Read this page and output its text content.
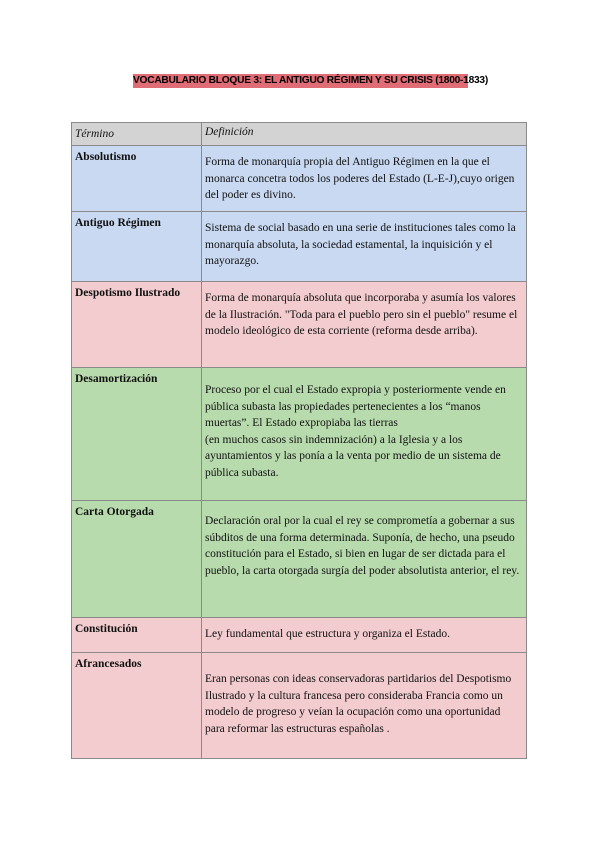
VOCABULARIO BLOQUE 3: EL ANTIGUO RÉGIMEN Y SU CRISIS (1800-1833)
Término	Definición
Absolutismo	Forma de monarquía propia del Antiguo Régimen en la que el monarca concetra todos los poderes del Estado (L-E-J),cuyo origen del poder es divino.

Antiguo Régimen	Sistema de social basado en una serie de instituciones tales como la monarquía absoluta, la sociedad estamental, la inquisición y el mayorazgo.

Despotismo Ilustrado	Forma de monarquía absoluta que incorporaba y asumía los valores de la Ilustración. "Toda para el pueblo pero sin el pueblo" resume el modelo ideológico de esta corriente (reforma desde arriba).

Desamortización	Proceso por el cual el Estado expropia y posteriormente vende en pública subasta las propiedades pertenecientes a los “manos muertas”. El Estado expropiaba las tierras

(en muchos casos sin indemnización) a la Iglesia y a los ayuntamientos y las ponía a la venta por medio de un sistema de pública subasta.

Carta Otorgada	Declaración oral por la cual el rey se comprometía a gobernar a sus súbditos de una forma determinada. Suponía, de hecho, una pseudo constitución para el Estado, si bien en lugar de ser dictada para el pueblo, la carta otorgada surgía del poder absolutista anterior, el rey.

Constitución	Ley fundamental que estructura y organiza el Estado.

Afrancesados	Eran personas con ideas conservadoras partidarios del Despotismo Ilustrado y la cultura francesa pero consideraba Francia como un modelo de progreso y veían la ocupación como una oportunidad para reformar las estructuras españolas .
